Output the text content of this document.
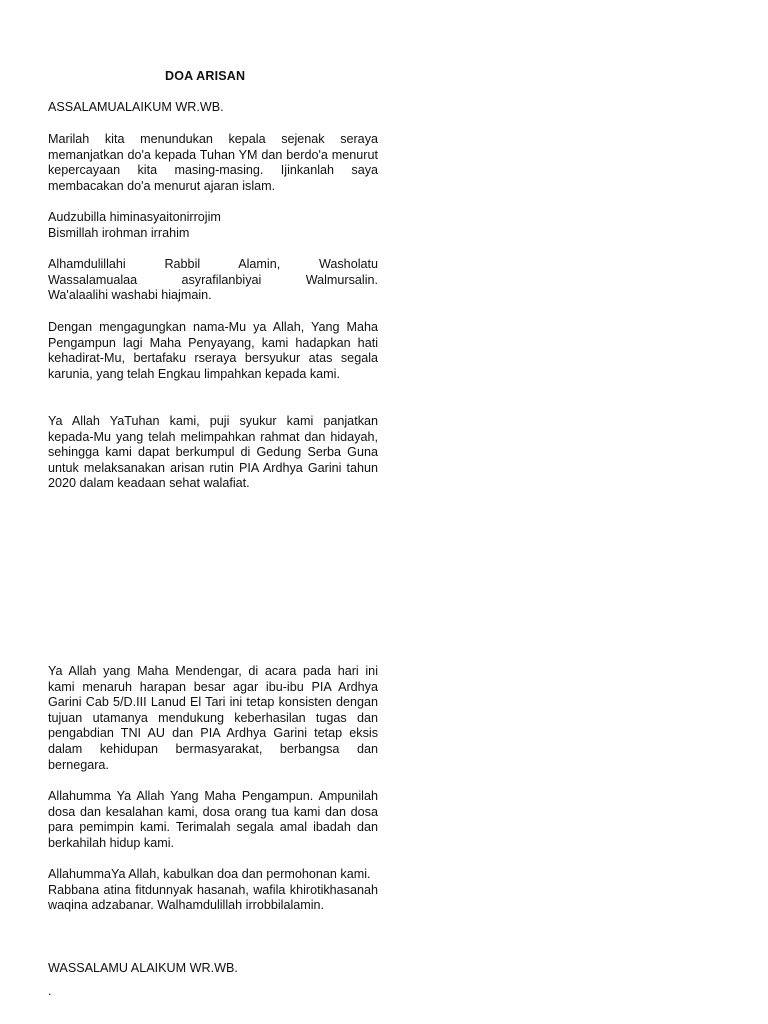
DOA ARISAN

ASSALAMUALAIKUM WR.WB.

Marilah kita menundukan kepala sejenak seraya memanjatkan do'a kepada Tuhan YM dan berdo'a menurut kepercayaan kita masing-masing. Ijinkanlah saya membacakan do'a menurut ajaran islam.

Audzubilla himinasyaitonirrojim
Bismillah irohman irrahim
Alhamdulillahi Rabbil Alamin, Washolatu
Wassalamualaa asyrafilanbiyai Walmursalin.
Wa'alaalihi washabi hiajmain.

Dengan mengagungkan nama-Mu ya Allah, Yang Maha Pengampun lagi Maha Penyayang, kami hadapkan hati kehadirat-Mu, bertafaku rseraya bersyukur atas segala karunia, yang telah Engkau limpahkan kepada kami.

Ya Allah YaTuhan kami, puji syukur kami panjatkan kepada-Mu yang telah melimpahkan rahmat dan hidayah, sehingga kami dapat berkumpul di Gedung Serba Guna untuk melaksanakan arisan rutin PIA Ardhya Garini tahun 2020 dalam keadaan sehat walafiat.

Ya Allah yang Maha Mendengar, di acara pada hari ini kami menaruh harapan besar agar ibu-ibu PIA Ardhya Garini Cab 5/D.III Lanud El Tari ini tetap konsisten dengan tujuan utamanya mendukung keberhasilan tugas dan pengabdian TNI AU dan PIA Ardhya Garini tetap eksis dalam kehidupan bermasyarakat, berbangsa dan bernegara.

Allahumma Ya Allah Yang Maha Pengampun. Ampunilah dosa dan kesalahan kami, dosa orang tua kami dan dosa para pemimpin kami. Terimalah segala amal ibadah dan berkahilah hidup kami.

AllahummaYa Allah, kabulkan doa dan permohonan kami.
Rabbana atina fitdunnyak hasanah, wafila khirotikhasanah waqina adzabanar. Walhamdulillah irrobbilalamin.

WASSALAMU ALAIKUM WR.WB.

.
